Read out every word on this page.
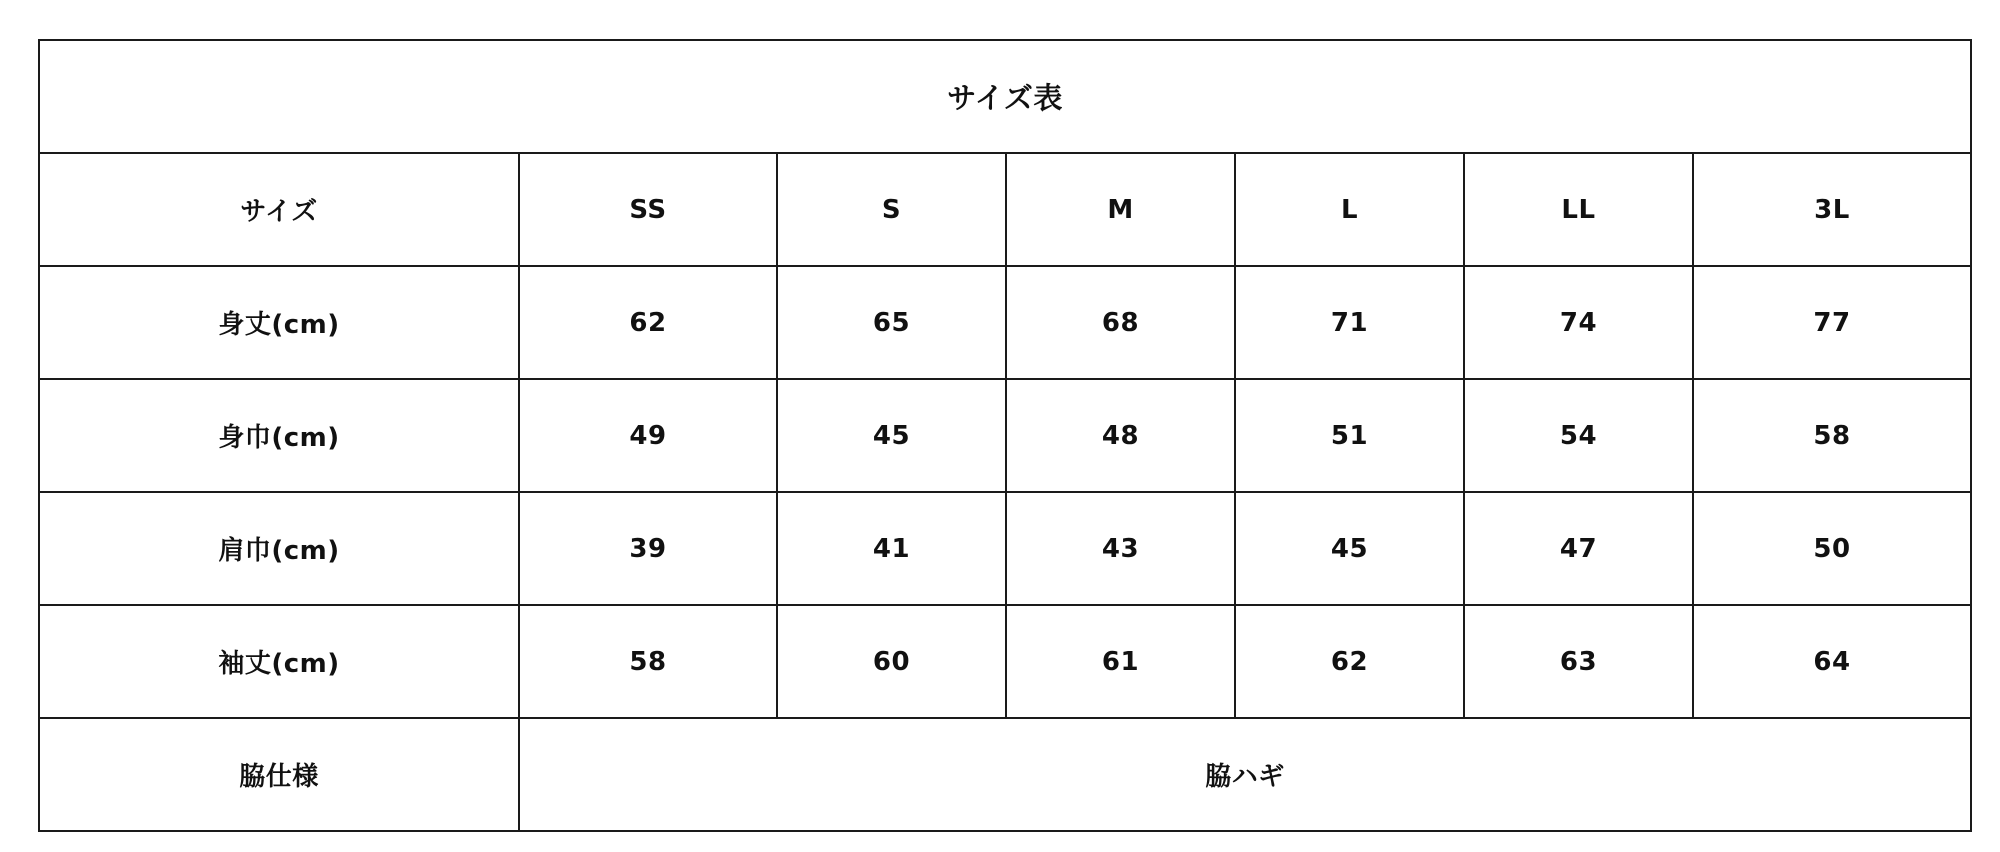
サイズ表						
サイズ	SS	S	M	L	LL	3L
身丈(cm)	62	65	68	71	74	77
身巾(cm)	49	45	48	51	54	58
肩巾(cm)	39	41	43	45	47	50
袖丈(cm)	58	60	61	62	63	64
脇仕様	脇ハギ					
